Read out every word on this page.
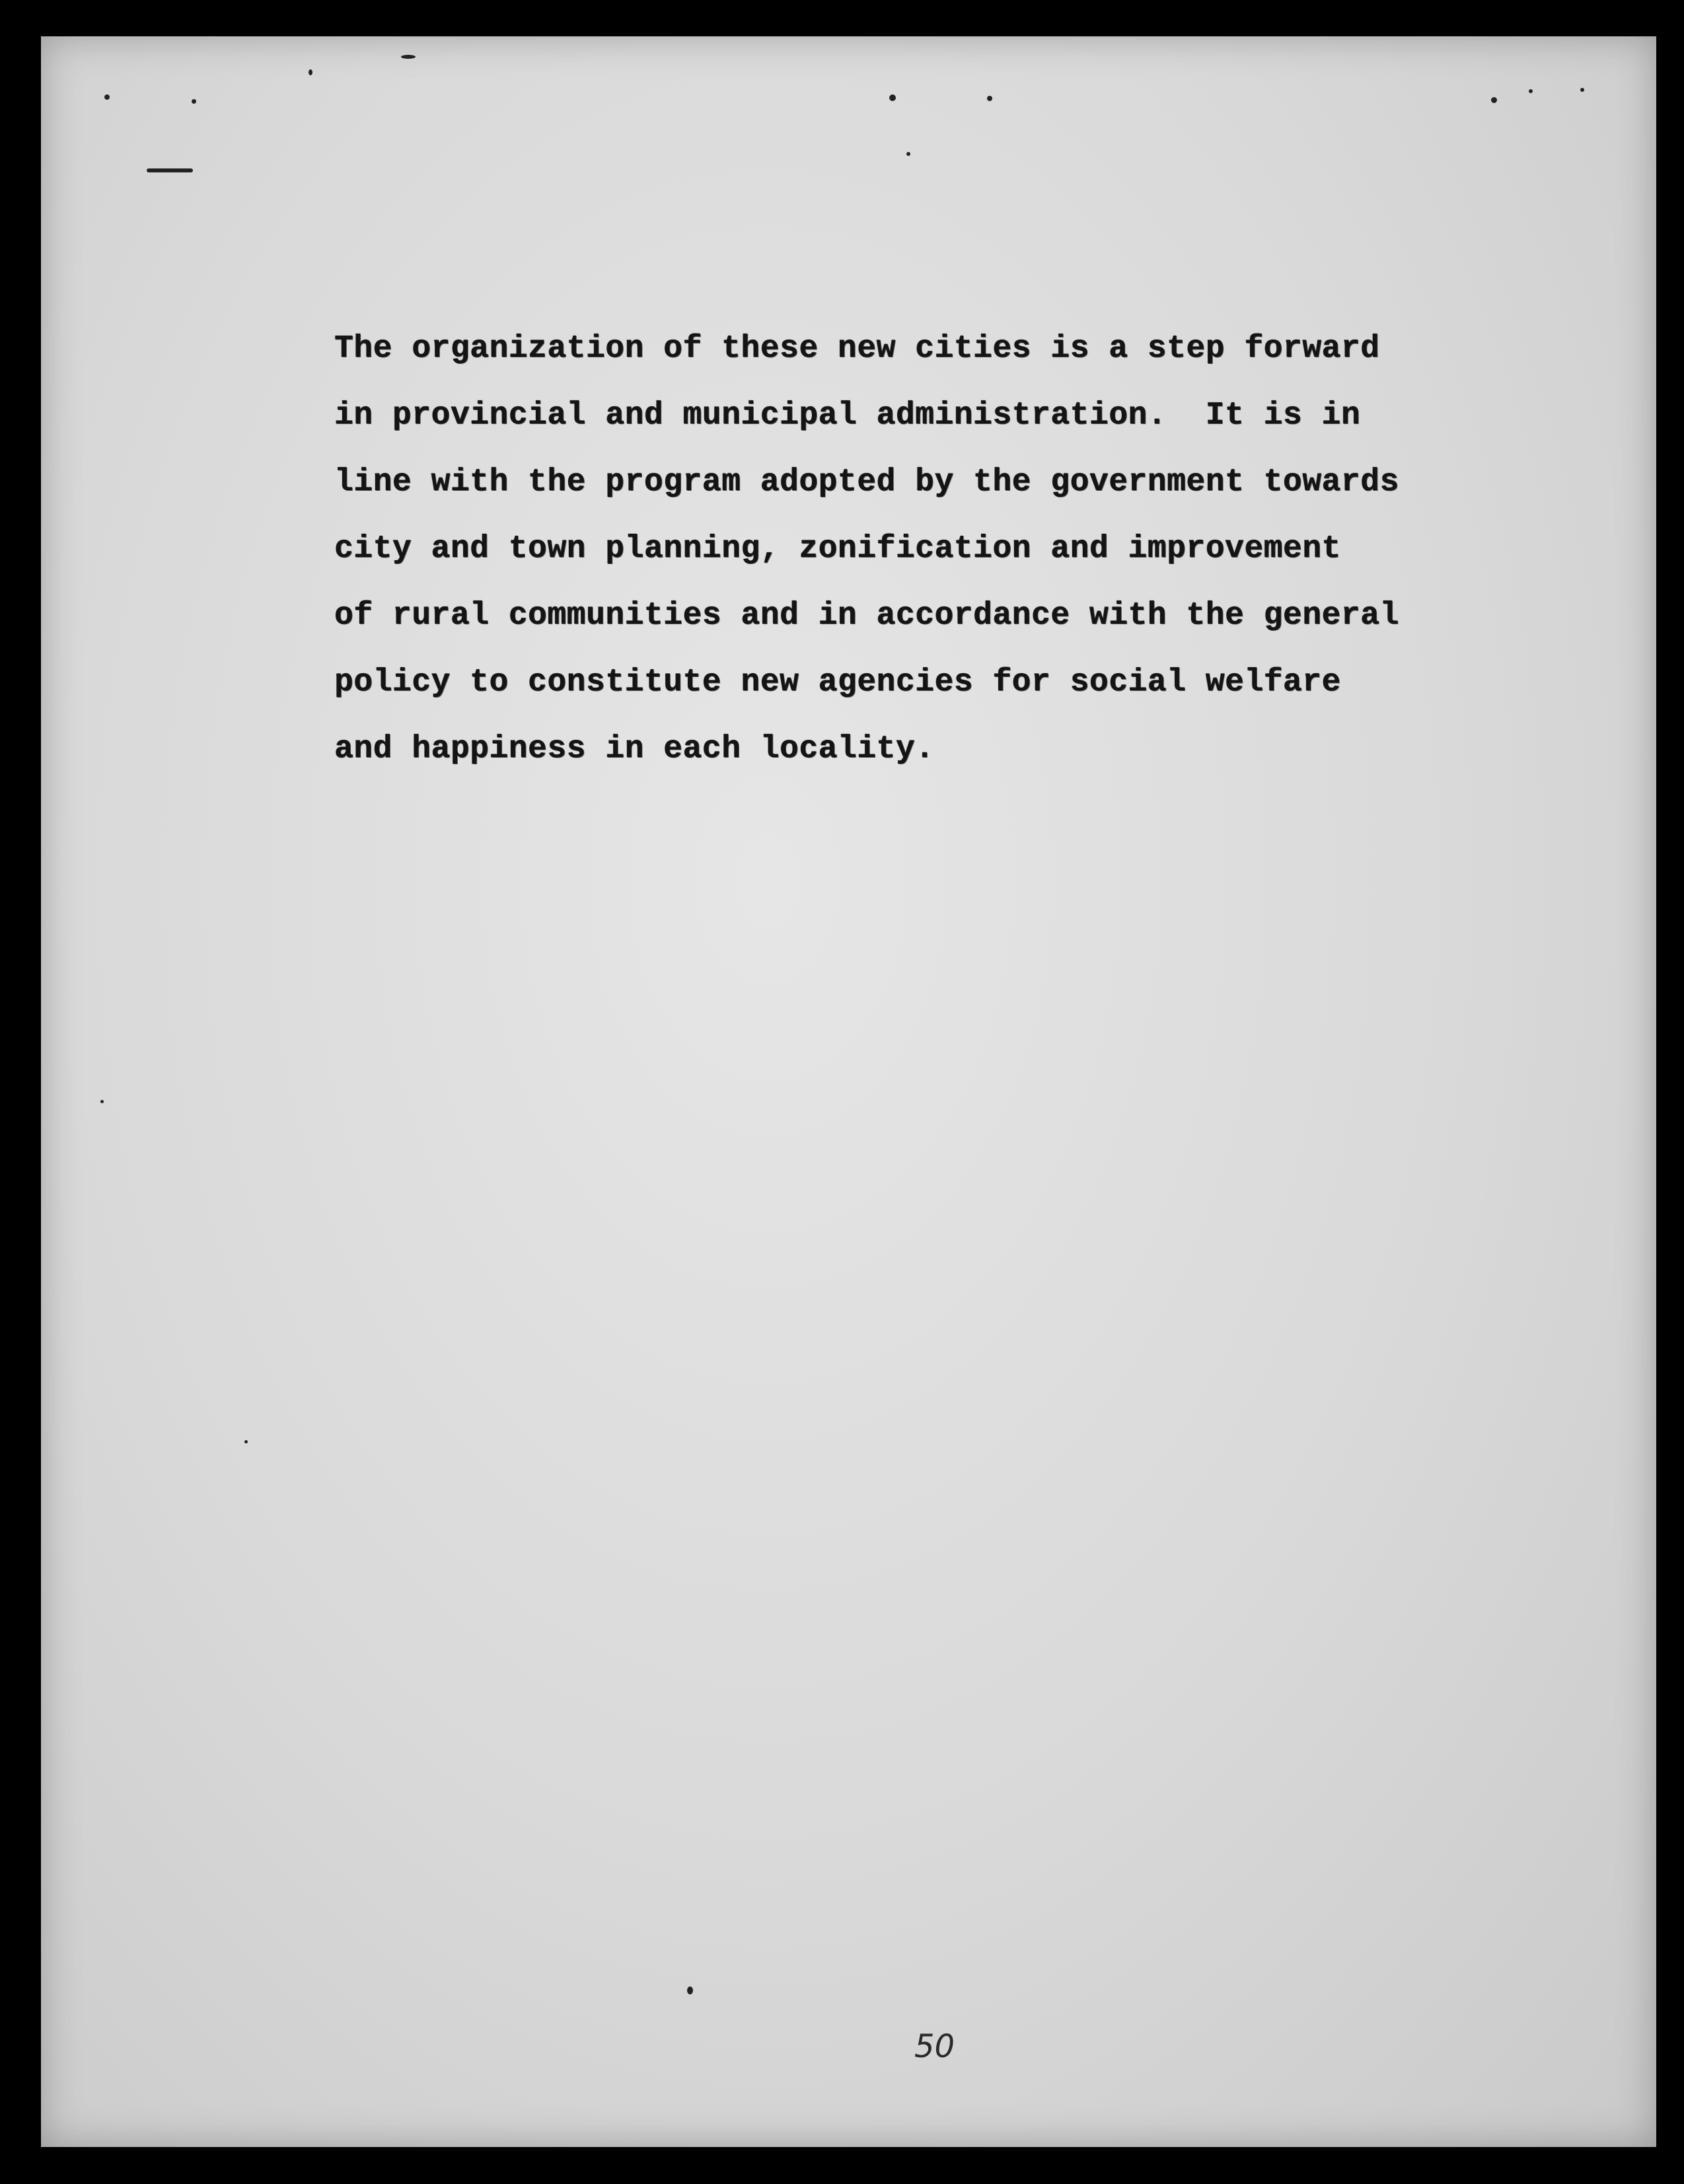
The organization of these new cities is a step forward
in provincial and municipal administration.  It is in
line with the program adopted by the government towards
city and town planning, zonification and improvement
of rural communities and in accordance with the general
policy to constitute new agencies for social welfare
and happiness in each locality.

50
